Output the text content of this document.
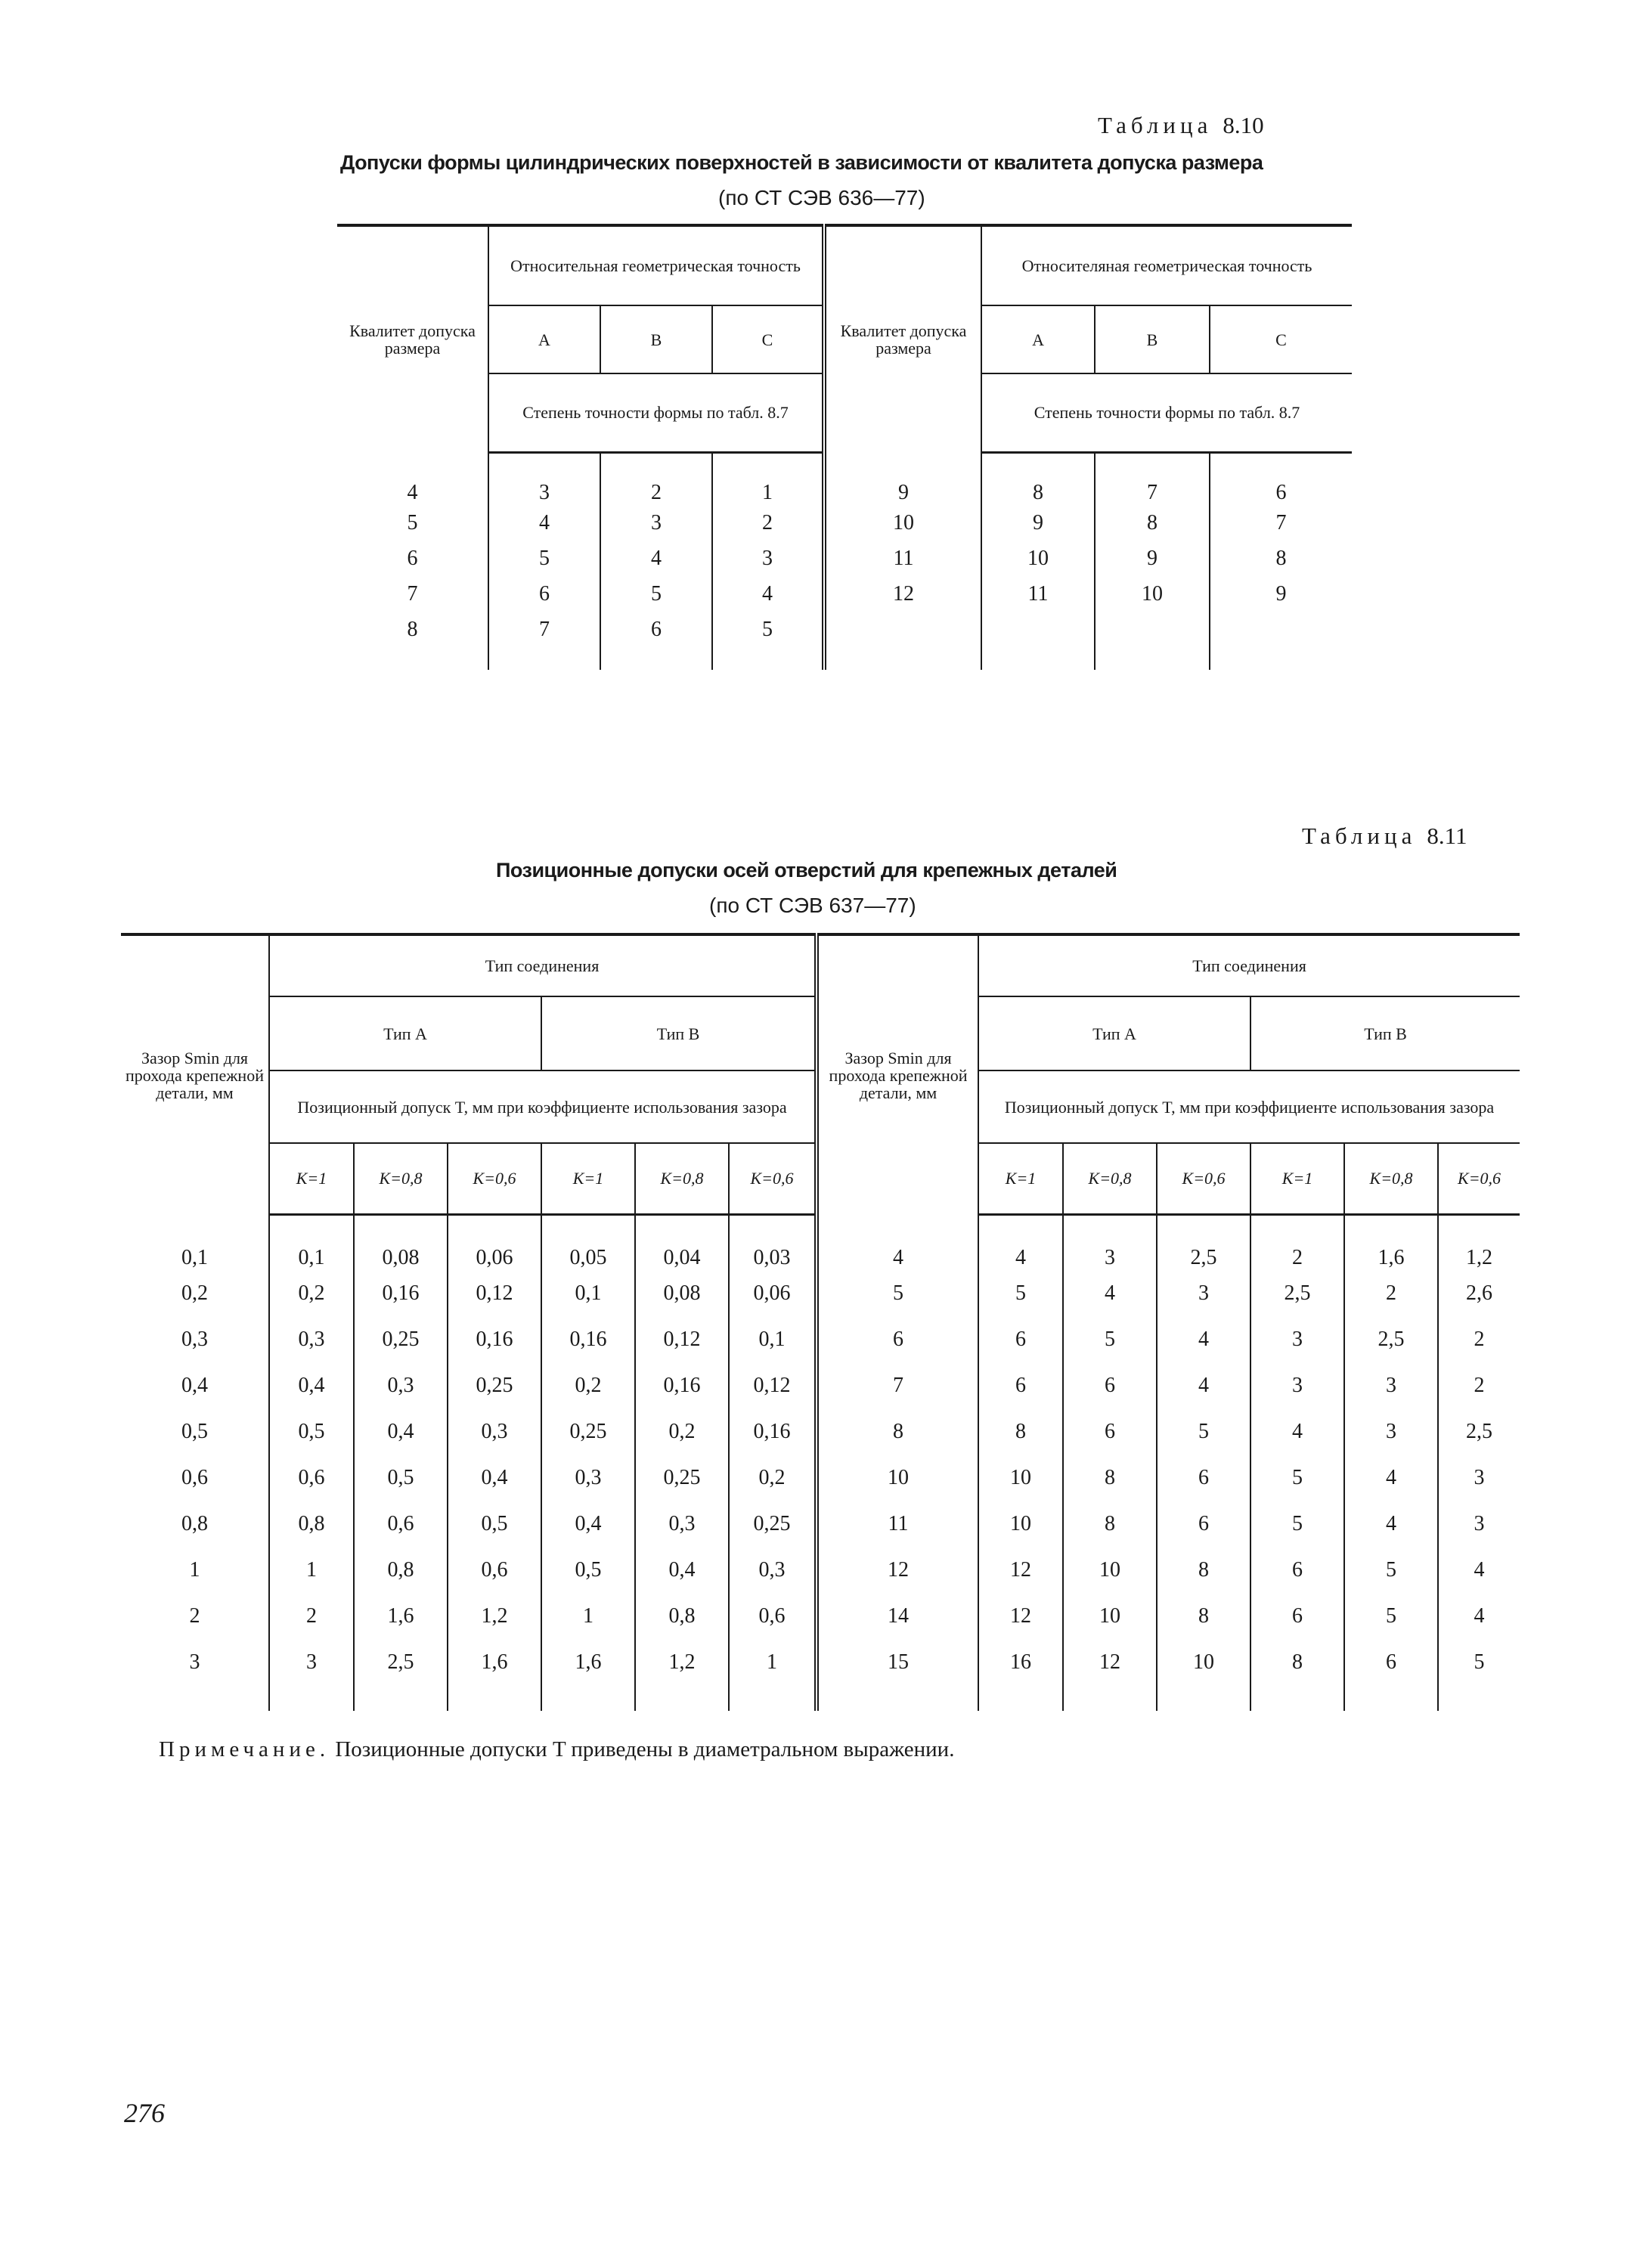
Таблица 8.10
Допуски формы цилиндрических поверхностей в зависимости от квалитета допуска размера
(по СТ СЭВ 636—77)
Квалитет допуска размера	Относительная геометрическая точность			Квалитет допуска размера	Относителяная геометрическая точность		
	А	В	С		А	В	С
	Степень точности формы по табл. 8.7				Степень точности формы по табл. 8.7		
4	3	2	1	9	8	7	6
5	4	3	2	10	9	8	7
6	5	4	3	11	10	9	8
7	6	5	4	12	11	10	9
8	7	6	5				

Таблица 8.11
Позиционные допуски осей отверстий для крепежных деталей
(по СТ СЭВ 637—77)
Зазор Smin для прохода крепежной детали, мм	Тип соединения						Зазор Smin для прохода крепежной детали, мм	Тип соединения					
	Тип А			Тип В				Тип А			Тип В		
	Позиционный допуск T, мм при коэффициенте использования зазора							Позиционный допуск T, мм при коэффициенте использования зазора					
	K=1	K=0,8	K=0,6	K=1	K=0,8	K=0,6		K=1	K=0,8	K=0,6	K=1	K=0,8	K=0,6
0,1	0,1	0,08	0,06	0,05	0,04	0,03	4	4	3	2,5	2	1,6	1,2
0,2	0,2	0,16	0,12	0,1	0,08	0,06	5	5	4	3	2,5	2	2,6
0,3	0,3	0,25	0,16	0,16	0,12	0,1	6	6	5	4	3	2,5	2
0,4	0,4	0,3	0,25	0,2	0,16	0,12	7	6	6	4	3	3	2
0,5	0,5	0,4	0,3	0,25	0,2	0,16	8	8	6	5	4	3	2,5
0,6	0,6	0,5	0,4	0,3	0,25	0,2	10	10	8	6	5	4	3
0,8	0,8	0,6	0,5	0,4	0,3	0,25	11	10	8	6	5	4	3
1	1	0,8	0,6	0,5	0,4	0,3	12	12	10	8	6	5	4
2	2	1,6	1,2	1	0,8	0,6	14	12	10	8	6	5	4
3	3	2,5	1,6	1,6	1,2	1	15	16	12	10	8	6	5

Примечание. Позиционные допуски T приведены в диаметральном выражении.
276
